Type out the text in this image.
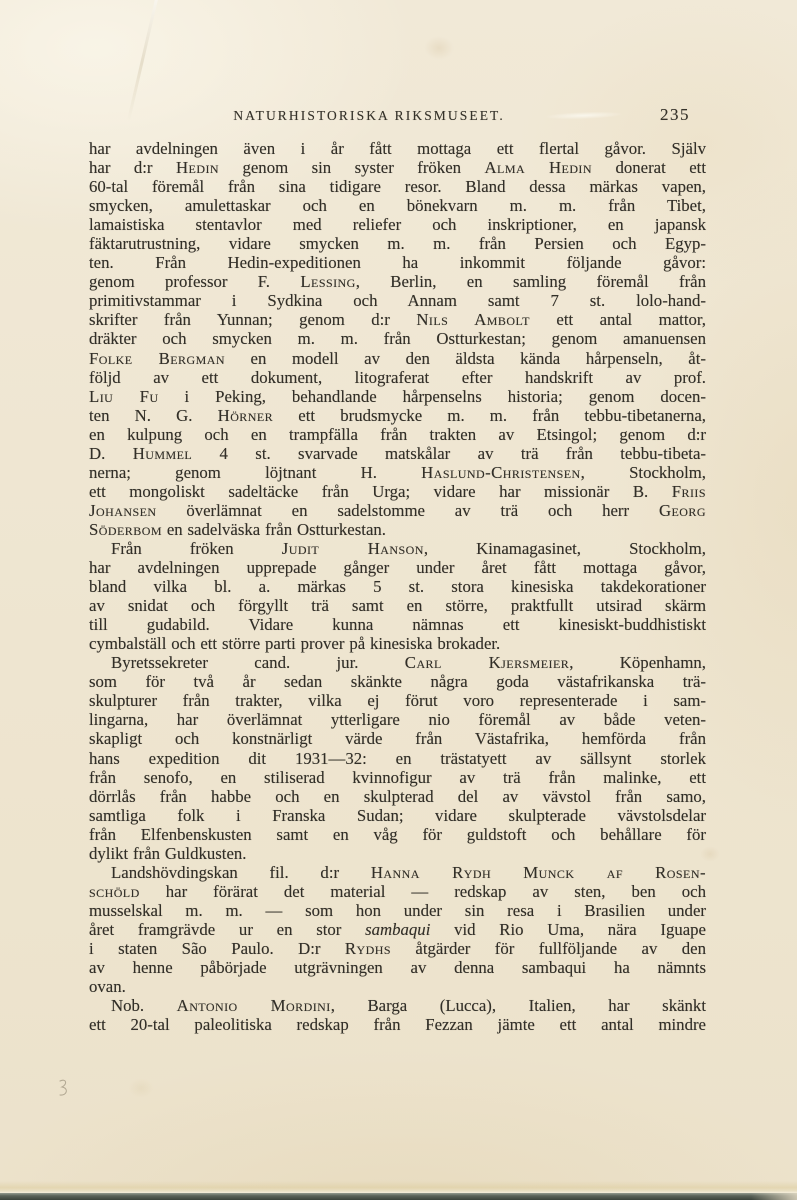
NATURHISTORISKA RIKSMUSEET.	235
har avdelningen även i år fått mottaga ett flertal gåvor. Själv
har d:r Hedin genom sin syster fröken Alma Hedin donerat ett
60-tal föremål från sina tidigare resor. Bland dessa märkas vapen,
smycken, amulettaskar och en bönekvarn m. m. från Tibet,
lamaistiska stentavlor med reliefer och inskriptioner, en japansk
fäktarutrustning, vidare smycken m. m. från Persien och Egyp-
ten. Från Hedin-expeditionen ha inkommit följande gåvor:
genom professor F. Lessing, Berlin, en samling föremål från
primitivstammar i Sydkina och Annam samt 7 st. lolo-hand-
skrifter från Yunnan; genom d:r Nils Ambolt ett antal mattor,
dräkter och smycken m. m. från Ostturkestan; genom amanuensen
Folke Bergman en modell av den äldsta kända hårpenseln, åt-
följd av ett dokument, litograferat efter handskrift av prof.
Liu Fu i Peking, behandlande hårpenselns historia; genom docen-
ten N. G. Hörner ett brudsmycke m. m. från tebbu-tibetanerna,
en kulpung och en trampfälla från trakten av Etsingol; genom d:r
D. Hummel 4 st. svarvade matskålar av trä från tebbu-tibeta-
nerna; genom löjtnant H. Haslund-Christensen, Stockholm,
ett mongoliskt sadeltäcke från Urga; vidare har missionär B. Friis
Johansen överlämnat en sadelstomme av trä och herr Georg
Söderbom en sadelväska från Ostturkestan.
Från fröken Judit Hanson, Kinamagasinet, Stockholm,
har avdelningen upprepade gånger under året fått mottaga gåvor,
bland vilka bl. a. märkas 5 st. stora kinesiska takdekorationer
av snidat och förgyllt trä samt en större, praktfullt utsirad skärm
till gudabild. Vidare kunna nämnas ett kinesiskt-buddhistiskt
cymbalställ och ett större parti prover på kinesiska brokader.
Byretssekreter cand. jur. Carl Kjersmeier, Köpenhamn,
som för två år sedan skänkte några goda västafrikanska trä-
skulpturer från trakter, vilka ej förut voro representerade i sam-
lingarna, har överlämnat ytterligare nio föremål av både veten-
skapligt och konstnärligt värde från Västafrika, hemförda från
hans expedition dit 1931—32: en trästatyett av sällsynt storlek
från senofo, en stiliserad kvinnofigur av trä från malinke, ett
dörrlås från habbe och en skulpterad del av vävstol från samo,
samtliga folk i Franska Sudan; vidare skulpterade vävstolsdelar
från Elfenbenskusten samt en våg för guldstoft och behållare för
dylikt från Guldkusten.
Landshövdingskan fil. d:r Hanna Rydh Munck af Rosen-
schöld har förärat det material — redskap av sten, ben och
musselskal m. m. — som hon under sin resa i Brasilien under
året framgrävde ur en stor sambaqui vid Rio Uma, nära Iguape
i staten São Paulo. D:r Rydhs åtgärder för fullföljande av den
av henne påbörjade utgrävningen av denna sambaqui ha nämnts
ovan.
Nob. Antonio Mordini, Barga (Lucca), Italien, har skänkt
ett 20-tal paleolitiska redskap från Fezzan jämte ett antal mindre
